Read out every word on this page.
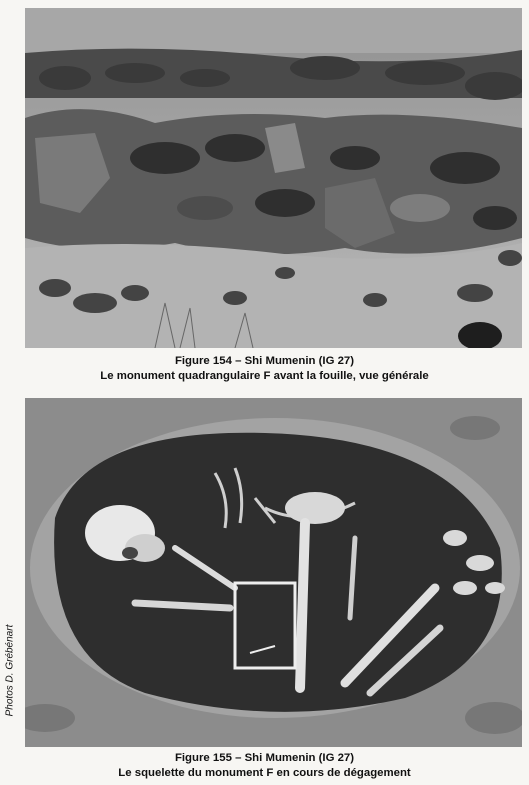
Figure 154 – Shi Mumenin (IG 27)
Le monument quadrangulaire F avant la fouille, vue générale
Figure 155 – Shi Mumenin (IG 27)
Le squelette du monument F en cours de dégagement
Photos D. Grébénart
